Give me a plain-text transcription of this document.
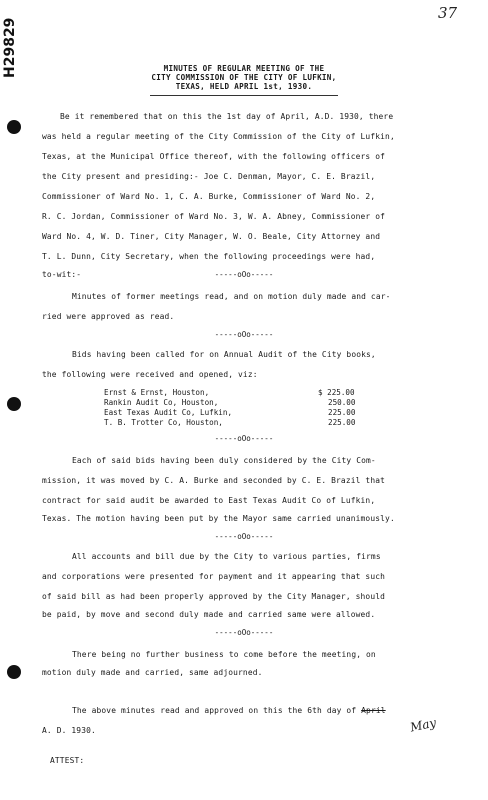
H29829
37
MINUTES OF REGULAR MEETING OF THE
CITY COMMISSION OF THE CITY OF LUFKIN,
TEXAS, HELD APRIL 1st, 1930.
Be it remembered that on this the 1st day of April, A.D. 1930, there
was held a regular meeting of the City Commission of the City of Lufkin,
Texas, at the Municipal Office thereof, with the following officers of
the City present and presiding:- Joe C. Denman, Mayor, C. E. Brazil,
Commissioner of Ward No. 1, C. A. Burke, Commissioner of Ward No. 2,
R. C. Jordan, Commissioner of Ward No. 3, W. A. Abney, Commissioner of
Ward No. 4, W. D. Tiner, City Manager, W. O. Beale, City Attorney and
T. L. Dunn, City Secretary, when the following proceedings were had,
to-wit:-	-----oOo-----
Minutes of former meetings read, and on motion duly made and car-
ried were approved as read.
-----oOo-----
Bids having been called for on Annual Audit of the City books,
the following were received and opened, viz:
Ernst & Ernst, Houston,	$ 225.00
Rankin Audit Co, Houston,	250.00
East Texas Audit Co, Lufkin,	225.00
T. B. Trotter Co, Houston,	225.00
-----oOo-----
Each of said bids having been duly considered by the City Com-
mission, it was moved by C. A. Burke and seconded by C. E. Brazil that
contract for said audit be awarded to East Texas Audit Co of Lufkin,
Texas. The motion having been put by the Mayor same carried unanimously.
-----oOo-----
All accounts and bill due by the City to various parties, firms
and corporations were presented for payment and it appearing that such
of said bill as had been properly approved by the City Manager, should
be paid, by move and second duly made and carried same were allowed.
-----oOo-----
There being no further business to come before the meeting, on
motion duly made and carried, same adjourned.
The above minutes read and approved on this the 6th day of April
May
A. D. 1930.
ATTEST:
